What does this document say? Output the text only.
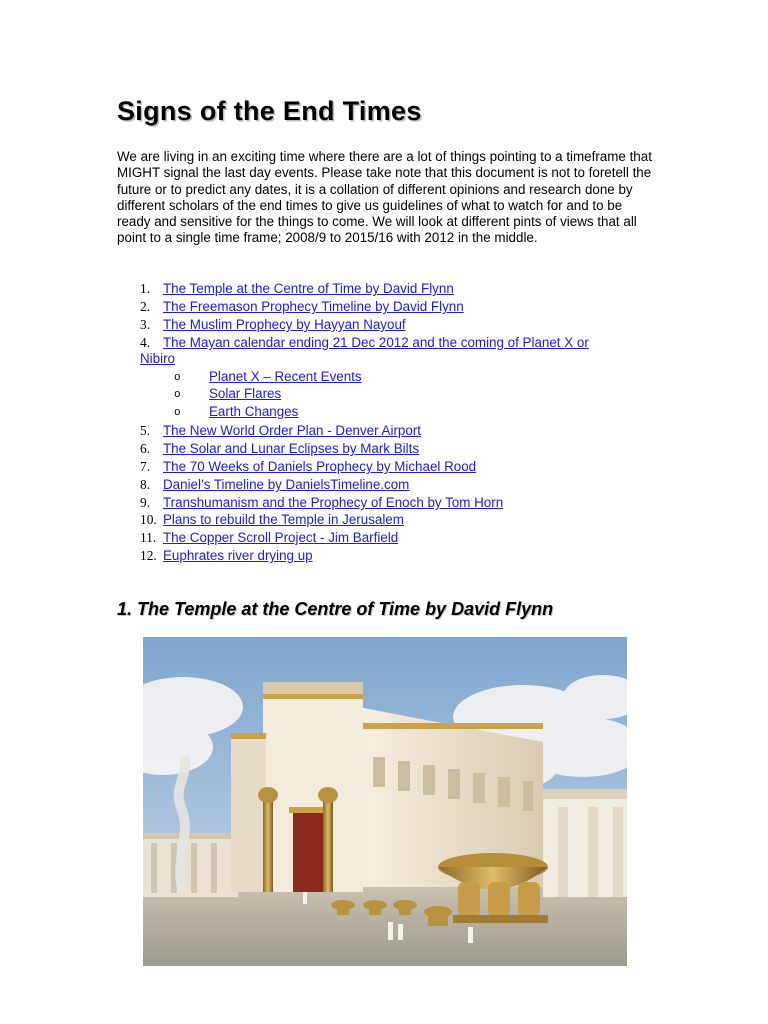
Signs of the End Times

We are living in an exciting time where there are a lot of things pointing to a timeframe that MIGHT signal the last day events. Please take note that this document is not to foretell the future or to predict any dates, it is a collation of different opinions and research done by different scholars of the end times to give us guidelines of what to watch for and to be ready and sensitive for the things to come. We will look at different pints of views that all point to a single time frame; 2008/9 to 2015/16 with 2012 in the middle.

1. The Temple at the Centre of Time by David Flynn
2. The Freemason Prophecy Timeline by David Flynn
3. The Muslim Prophecy by Hayyan Nayouf
4. The Mayan calendar ending 21 Dec 2012 and the coming of Planet X or
Nibiro
o Planet X – Recent Events
o Solar Flares
o Earth Changes
5. The New World Order Plan - Denver Airport
6. The Solar and Lunar Eclipses by Mark Bilts
7. The 70 Weeks of Daniels Prophecy by Michael Rood
8. Daniel’s Timeline by DanielsTimeline.com
9. Transhumanism and the Prophecy of Enoch by Tom Horn
10. Plans to rebuild the Temple in Jerusalem
11. The Copper Scroll Project - Jim Barfield
12. Euphrates river drying up
1. The Temple at the Centre of Time by David Flynn
